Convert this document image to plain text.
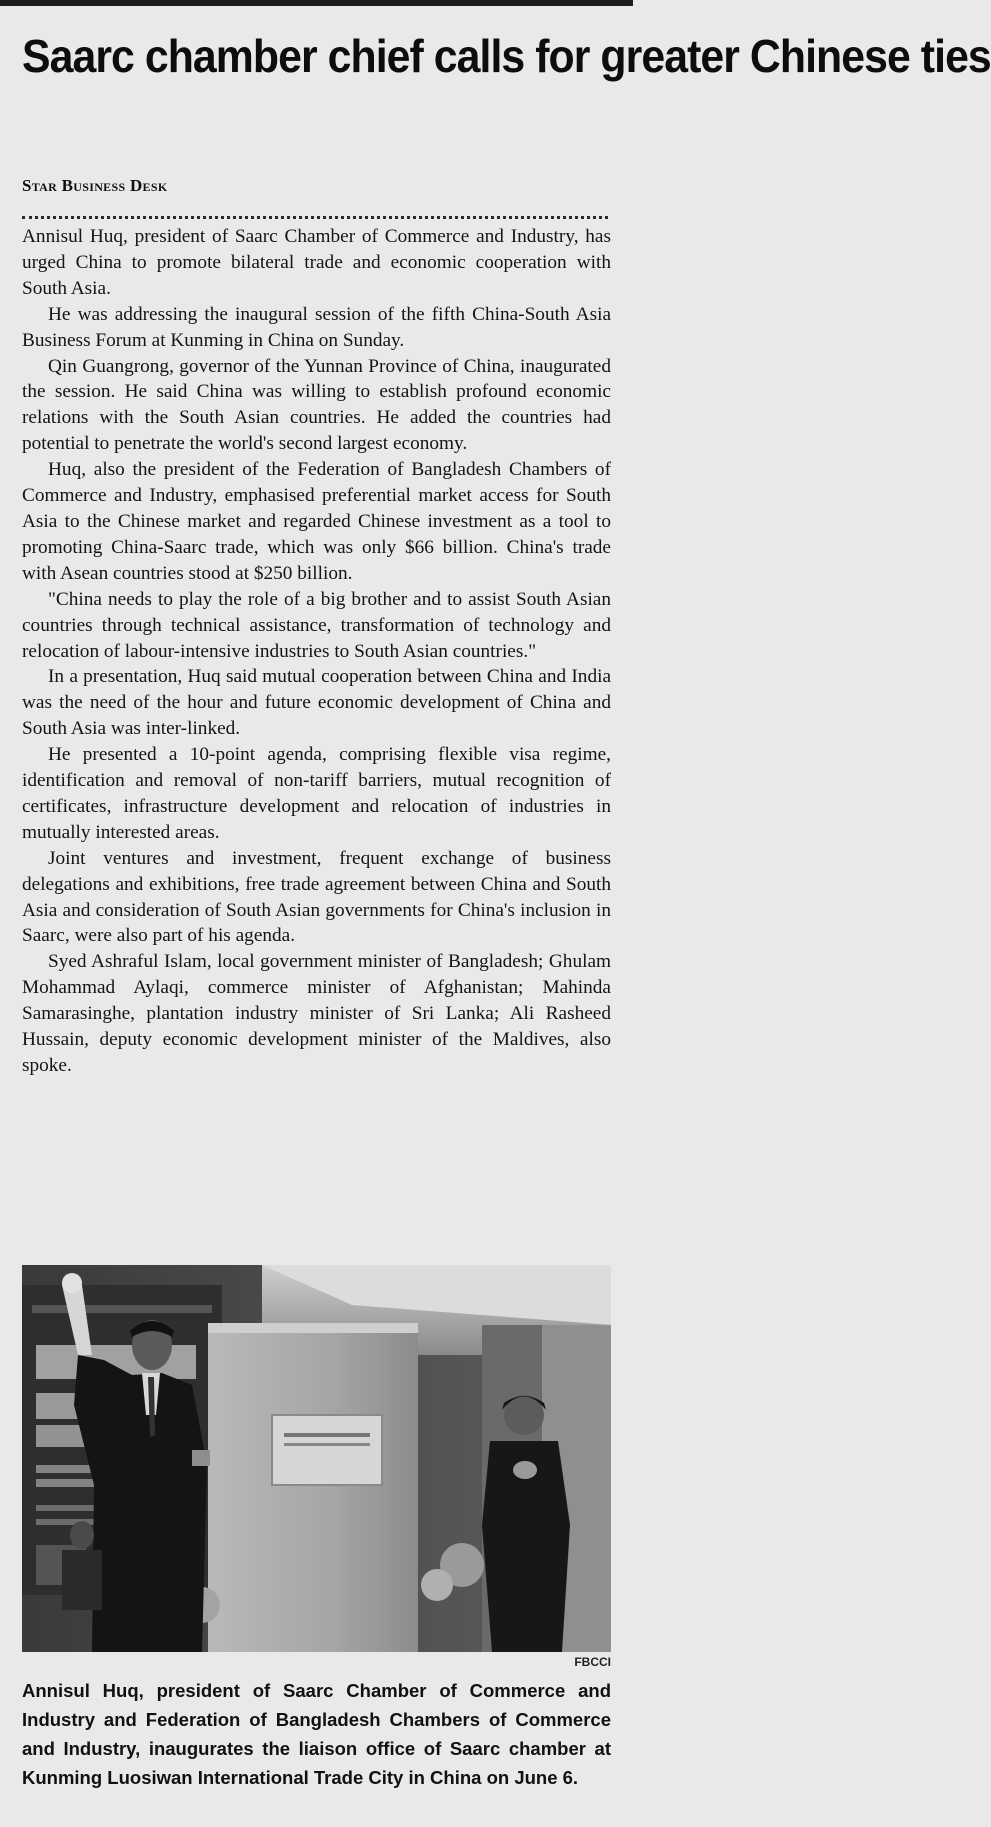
Saarc chamber chief calls for greater Chinese ties
Star Business Desk

Annisul Huq, president of Saarc Chamber of Commerce and Industry, has urged China to promote bilateral trade and economic cooperation with South Asia.

He was addressing the inaugural session of the fifth China-South Asia Business Forum at Kunming in China on Sunday.

Qin Guangrong, governor of the Yunnan Province of China, inaugurated the session. He said China was willing to establish profound economic relations with the South Asian countries. He added the countries had potential to penetrate the world's second largest economy.

Huq, also the president of the Federation of Bangladesh Chambers of Commerce and Industry, emphasised preferential market access for South Asia to the Chinese market and regarded Chinese investment as a tool to promoting China-Saarc trade, which was only $66 billion. China's trade with Asean countries stood at $250 billion.

"China needs to play the role of a big brother and to assist South Asian countries through technical assistance, transformation of technology and relocation of labour-intensive industries to South Asian countries."

In a presentation, Huq said mutual cooperation between China and India was the need of the hour and future economic development of China and South Asia was inter-linked.

He presented a 10-point agenda, comprising flexible visa regime, identification and removal of non-tariff barriers, mutual recognition of certificates, infrastructure development and relocation of industries in mutually interested areas.

Joint ventures and investment, frequent exchange of business delegations and exhibitions, free trade agreement between China and South Asia and consideration of South Asian governments for China's inclusion in Saarc, were also part of his agenda.

Syed Ashraful Islam, local government minister of Bangladesh; Ghulam Mohammad Aylaqi, commerce minister of Afghanistan; Mahinda Samarasinghe, plantation industry minister of Sri Lanka; Ali Rasheed Hussain, deputy economic development minister of the Maldives, also spoke.

FBCCI
Annisul Huq, president of Saarc Chamber of Commerce and Industry and Federation of Bangladesh Chambers of Commerce and Industry, inaugurates the liaison office of Saarc chamber at Kunming Luosiwan International Trade City in China on June 6.
